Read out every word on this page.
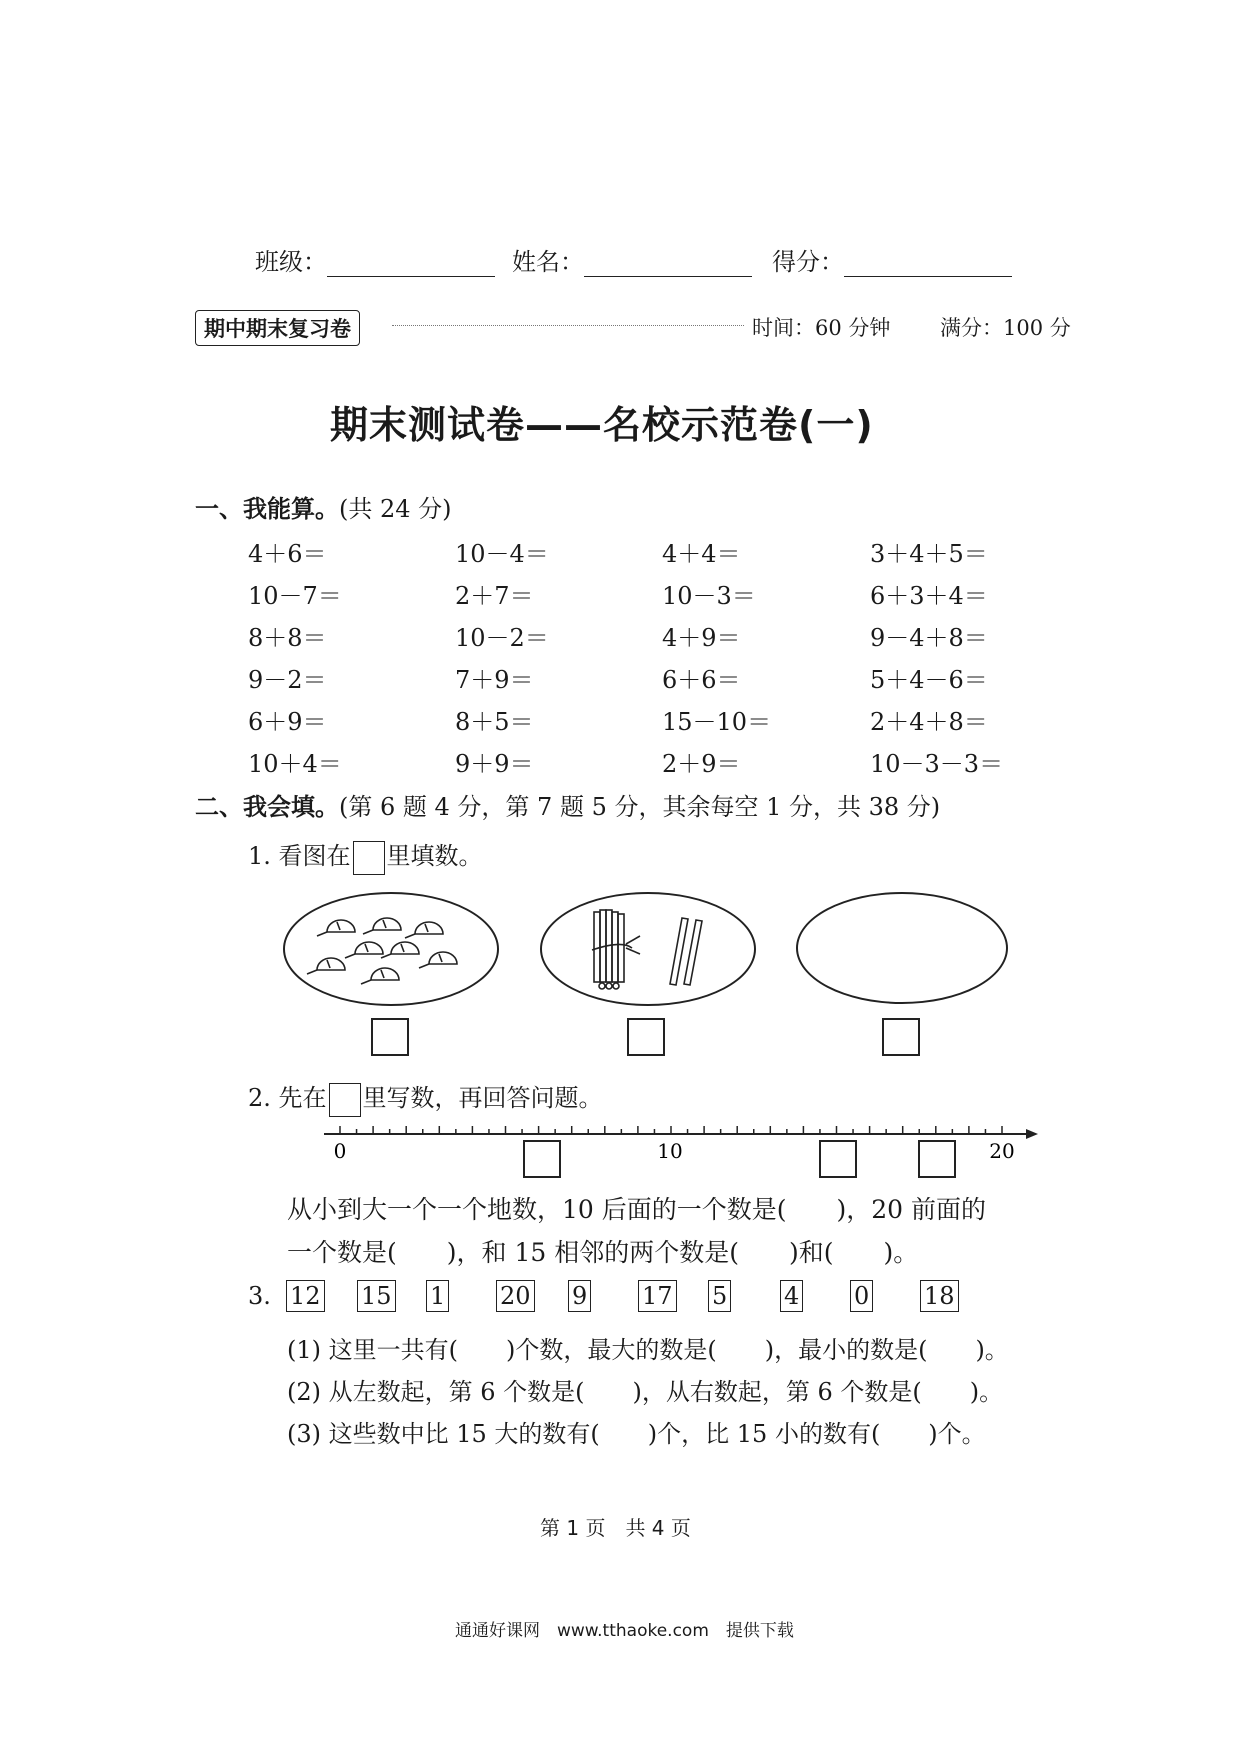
班级：	姓名：	得分：
期中期末复习卷	时间：60 分钟 满分：100 分
期末测试卷——名校示范卷(一)
一、我能算。(共 24 分)
4＋6＝	10－4＝	4＋4＝	3＋4＋5＝
10－7＝	2＋7＝	10－3＝	6＋3＋4＝
8＋8＝	10－2＝	4＋9＝	9－4＋8＝
9－2＝	7＋9＝	6＋6＝	5＋4－6＝
6＋9＝	8＋5＝	15－10＝	2＋4＋8＝
10＋4＝	9＋9＝	2＋9＝	10－3－3＝
二、我会填。(第 6 题 4 分，第 7 题 5 分，其余每空 1 分，共 38 分)
1. 看图在 里填数。
2. 先在 里写数，再回答问题。
0	10	20
从小到大一个一个地数，10 后面的一个数是(　　)，20 前面的
一个数是(　　)，和 15 相邻的两个数是(　　)和(　　)。
3. 12 15 1 20 9 17 5 4 0 18
(1) 这里一共有(　　)个数，最大的数是(　　)，最小的数是(　　)。
(2) 从左数起，第 6 个数是(　　)，从右数起，第 6 个数是(　　)。
(3) 这些数中比 15 大的数有(　　)个，比 15 小的数有(　　)个。
第 1 页　共 4 页
通通好课网　www.tthaoke.com　提供下载
